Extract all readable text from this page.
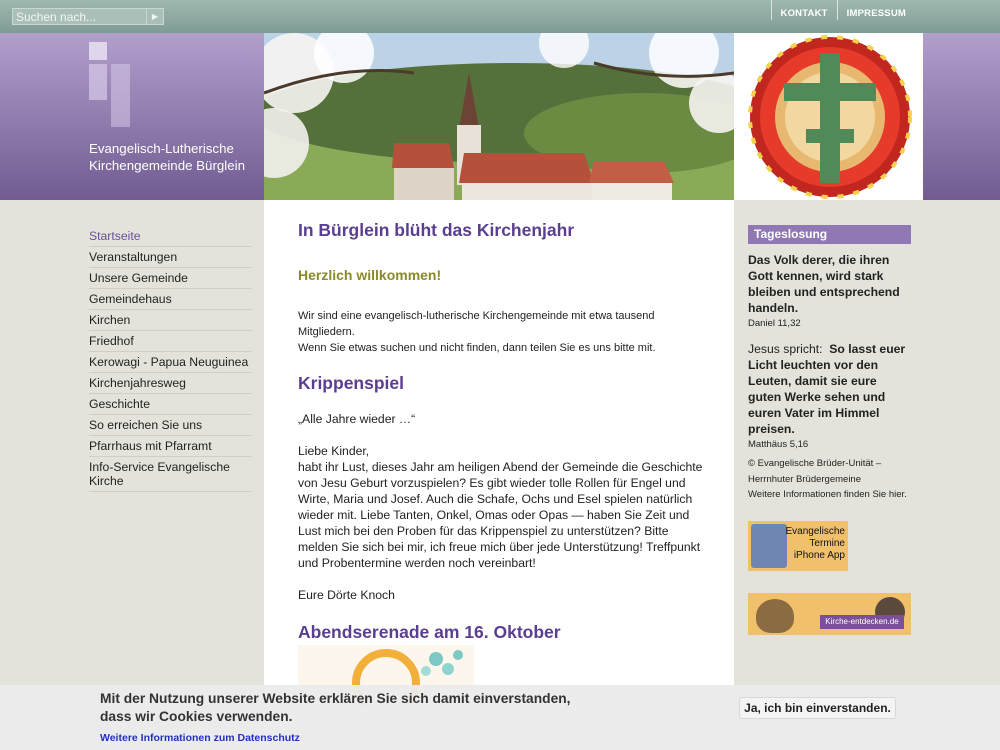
Suchen nach...
▶	KONTAKT	IMPRESSUM
Evangelisch-Lutherische
Kirchengemeinde Bürglein
Startseite
Veranstaltungen
Unsere Gemeinde
Gemeindehaus
Kirchen
Friedhof
Kerowagi - Papua Neuguinea
Kirchenjahresweg
Geschichte
So erreichen Sie uns
Pfarrhaus mit Pfarramt
Info-Service Evangelische Kirche
In Bürglein blüht das Kirchenjahr
Herzlich willkommen!

Wir sind eine evangelisch-lutherische Kirchengemeinde mit etwa tausend Mitgliedern.

Wenn Sie etwas suchen und nicht finden, dann teilen Sie es uns bitte mit.

Krippenspiel

„Alle Jahre wieder …“

Liebe Kinder,

habt ihr Lust, dieses Jahr am heiligen Abend der Gemeinde die Geschichte von Jesu Geburt vorzuspielen? Es gibt wieder tolle Rollen für Engel und Wirte, Maria und Josef. Auch die Schafe, Ochs und Esel spielen natürlich wieder mit. Liebe Tanten, Onkel, Omas oder Opas — haben Sie Zeit und Lust mich bei den Proben für das Krippenspiel zu unterstützen? Bitte melden Sie sich bei mir, ich freue mich über jede Unterstützung! Treffpunkt und Probentermine werden noch vereinbart!

Eure Dörte Knoch

Abendserenade am 16. Oktober
Tageslosung
Das Volk derer, die ihren Gott kennen, wird stark bleiben und entsprechend handeln.
Daniel 11,32
Jesus spricht: So lasst euer Licht leuchten vor den Leuten, damit sie eure guten Werke sehen und euren Vater im Himmel preisen.
Matthäus 5,16
© Evangelische Brüder-Unität –
Herrnhuter Brüdergemeine
Weitere Informationen finden Sie hier.
Evangelische Termine iPhone App
Kirche-entdecken.de
Mit der Nutzung unserer Website erklären Sie sich damit einverstanden, dass wir Cookies verwenden.
Weitere Informationen zum Datenschutz
Ja, ich bin einverstanden.
